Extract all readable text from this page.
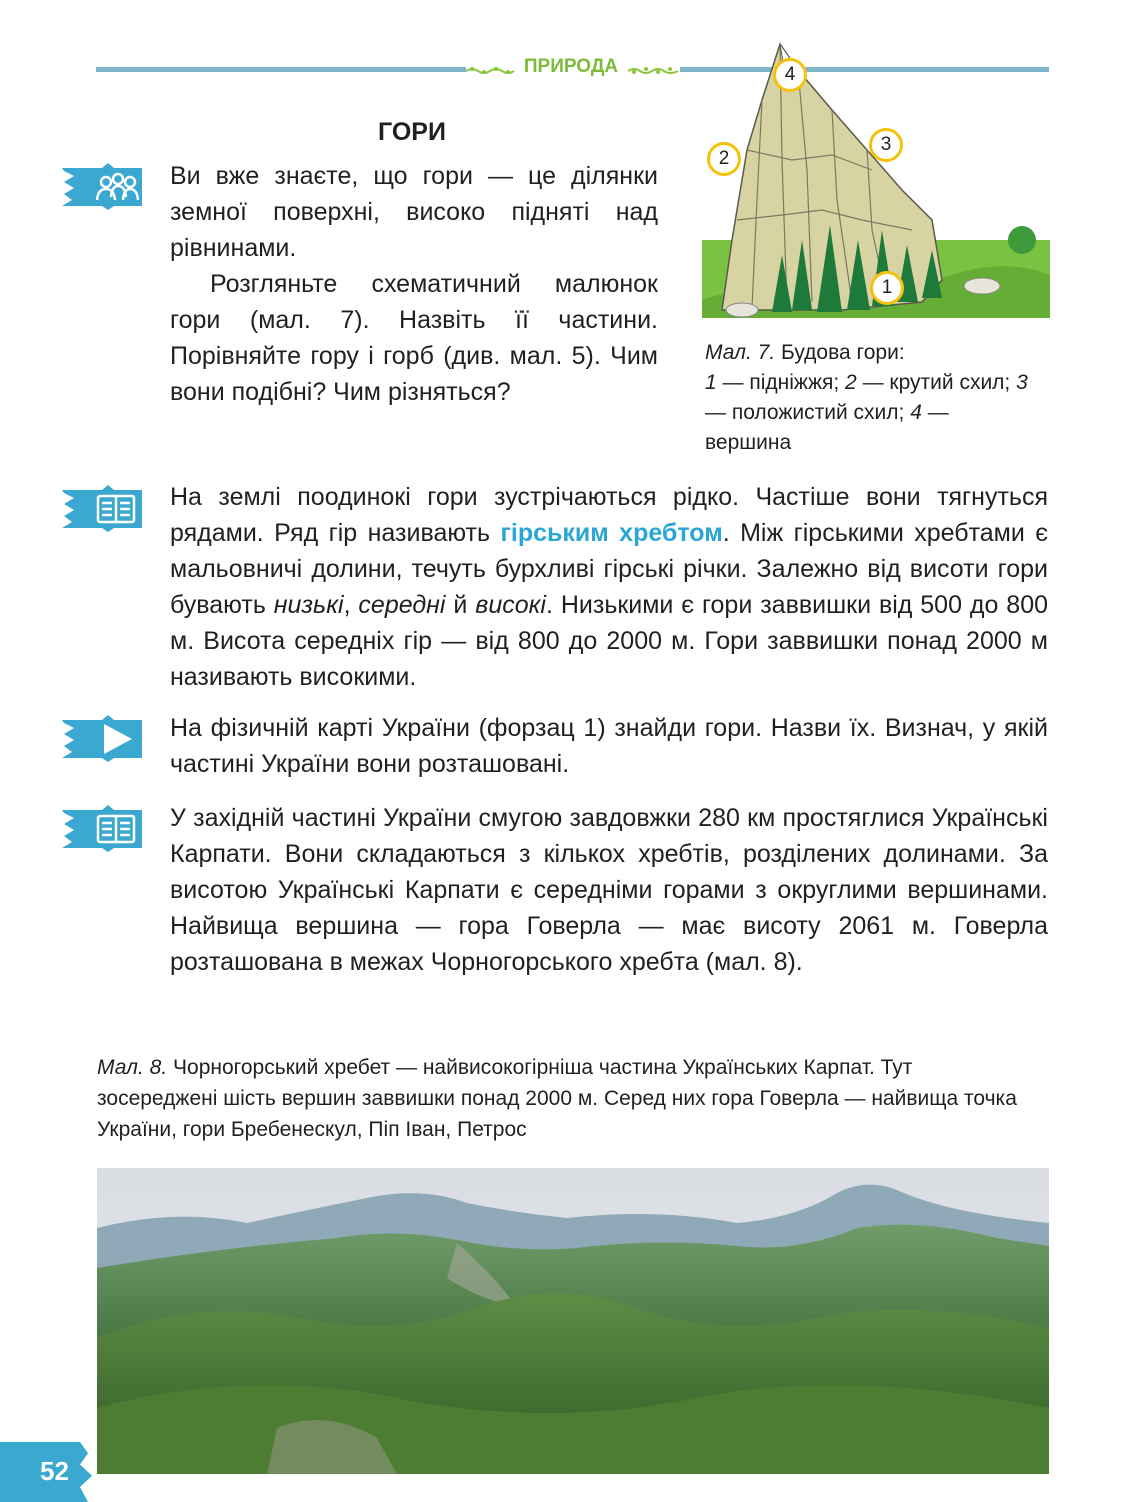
ПРИРОДА
ГОРИ

Ви вже знаєте, що гори — це ділянки земної поверхні, високо підняті над рівнинами.

Розгляньте схематичний малюнок гори (мал. 7). Назвіть її частини. Порівняйте гору і горб (див. мал. 5). Чим вони подібні? Чим різняться?

4
2
3
1
Мал. 7. Будова гори:
1 — підніжжя; 2 — крутий схил; 3 — положистий схил; 4 — вершина

На землі поодинокі гори зустрічаються рідко. Частіше вони тягнуться рядами. Ряд гір називають гірським хребтом. Між гірськими хребтами є мальовничі долини, течуть бурхливі гірські річки. Залежно від висоти гори бувають низькі, середні й високі. Низькими є гори заввишки від 500 до 800 м. Висота середніх гір — від 800 до 2000 м. Гори заввишки понад 2000 м називають високими.

На фізичній карті України (форзац 1) знайди гори. Назви їх. Визнач, у якій частині України вони розташовані.

У західній частині України смугою завдовжки 280 км простяглися Українські Карпати. Вони складаються з кількох хребтів, розділених долинами. За висотою Українські Карпати є середніми горами з округлими вершинами. Найвища вершина — гора Говерла — має висоту 2061 м. Говерла розташована в межах Чорногорського хребта (мал. 8).

Мал. 8. Чорногорський хребет — найвисокогірніша частина Українських Карпат. Тут зосереджені шість вершин заввишки понад 2000 м. Серед них гора Говерла — найвища точка України, гори Бребенескул, Піп Іван, Петрос
52
